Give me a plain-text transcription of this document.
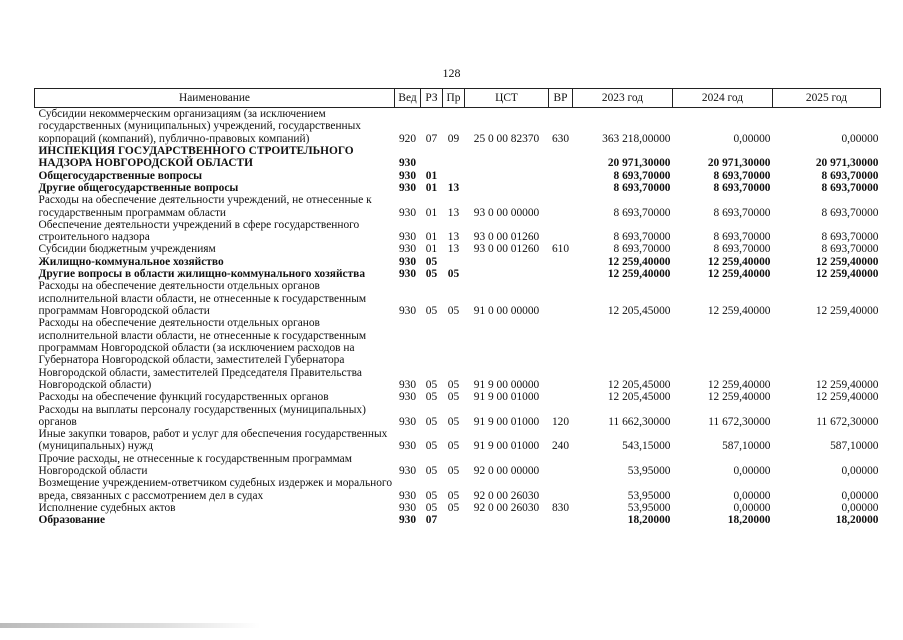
128
Наименование	Вед	РЗ	Пр	ЦСТ	ВР	2023 год	2024 год	2025 год
Субсидии некоммерческим организациям (за исключением государственных (муниципальных) учреждений, государственных корпораций (компаний), публично-правовых компаний)	920	07	09	25 0 00 82370	630	363 218,00000	0,00000	0,00000
ИНСПЕКЦИЯ ГОСУДАРСТВЕННОГО СТРОИТЕЛЬНОГО НАДЗОРА НОВГОРОДСКОЙ ОБЛАСТИ	930					20 971,30000	20 971,30000	20 971,30000
Общегосударственные вопросы	930	01				8 693,70000	8 693,70000	8 693,70000
Другие общегосударственные вопросы	930	01	13			8 693,70000	8 693,70000	8 693,70000
Расходы на обеспечение деятельности учреждений, не отнесенные к государственным программам области	930	01	13	93 0 00 00000		8 693,70000	8 693,70000	8 693,70000
Обеспечение деятельности учреждений в сфере государственного строительного надзора	930	01	13	93 0 00 01260		8 693,70000	8 693,70000	8 693,70000
Субсидии бюджетным учреждениям	930	01	13	93 0 00 01260	610	8 693,70000	8 693,70000	8 693,70000
Жилищно-коммунальное хозяйство	930	05				12 259,40000	12 259,40000	12 259,40000
Другие вопросы в области жилищно-коммунального хозяйства	930	05	05			12 259,40000	12 259,40000	12 259,40000
Расходы на обеспечение деятельности отдельных органов исполнительной власти области, не отнесенные к государственным программам Новгородской области	930	05	05	91 0 00 00000		12 205,45000	12 259,40000	12 259,40000
Расходы на обеспечение деятельности отдельных органов исполнительной власти области, не отнесенные к государственным программам Новгородской области (за исключением расходов на Губернатора Новгородской области, заместителей Губернатора Новгородской области, заместителей Председателя Правительства Новгородской области)	930	05	05	91 9 00 00000		12 205,45000	12 259,40000	12 259,40000
Расходы на обеспечение функций государственных органов	930	05	05	91 9 00 01000		12 205,45000	12 259,40000	12 259,40000
Расходы на выплаты персоналу государственных (муниципальных) органов	930	05	05	91 9 00 01000	120	11 662,30000	11 672,30000	11 672,30000
Иные закупки товаров, работ и услуг для обеспечения государственных (муниципальных) нужд	930	05	05	91 9 00 01000	240	543,15000	587,10000	587,10000
Прочие расходы, не отнесенные к государственным программам Новгородской области	930	05	05	92 0 00 00000		53,95000	0,00000	0,00000
Возмещение учреждением-ответчиком судебных издержек и морального вреда, связанных с рассмотрением дел в судах	930	05	05	92 0 00 26030		53,95000	0,00000	0,00000
Исполнение судебных актов	930	05	05	92 0 00 26030	830	53,95000	0,00000	0,00000
Образование	930	07				18,20000	18,20000	18,20000
